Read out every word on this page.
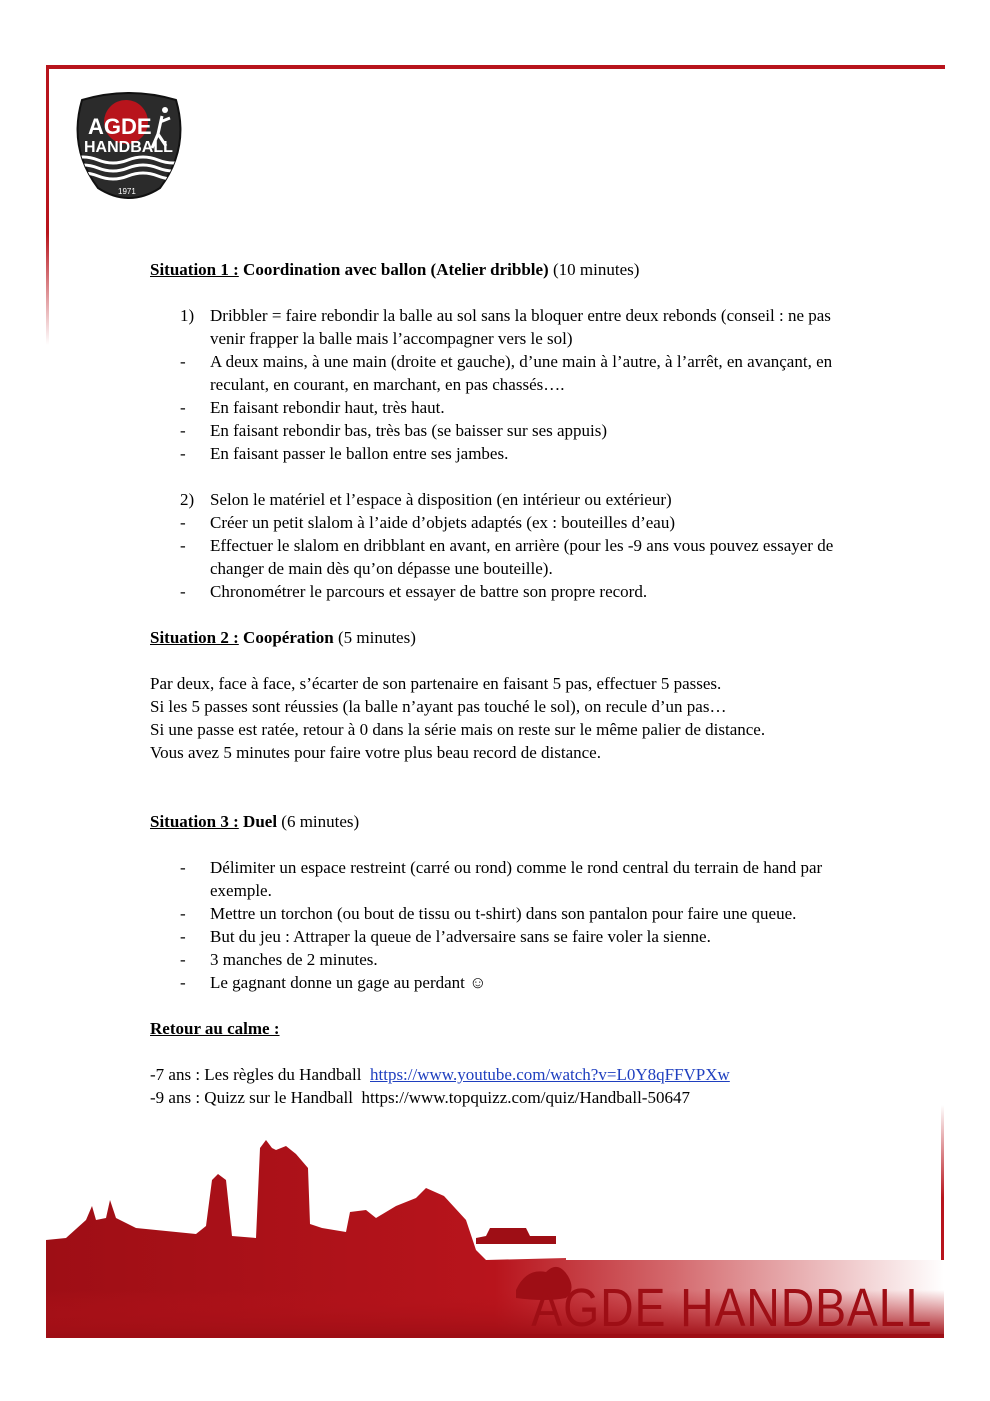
AGDE
HANDBALL
1971

Situation 1 : Coordination avec ballon (Atelier dribble) (10 minutes)

1) Dribbler = faire rebondir la balle au sol sans la bloquer entre deux rebonds (conseil : ne pas venir frapper la balle mais l’accompagner vers le sol)
- A deux mains, à une main (droite et gauche), d’une main à l’autre, à l’arrêt, en avançant, en reculant, en courant, en marchant, en pas chassés….
- En faisant rebondir haut, très haut.
- En faisant rebondir bas, très bas (se baisser sur ses appuis)
- En faisant passer le ballon entre ses jambes.
2) Selon le matériel et l’espace à disposition (en intérieur ou extérieur)
- Créer un petit slalom à l’aide d’objets adaptés (ex : bouteilles d’eau)
- Effectuer le slalom en dribblant en avant, en arrière (pour les -9 ans vous pouvez essayer de changer de main dès qu’on dépasse une bouteille).
- Chronométrer le parcours et essayer de battre son propre record.

Situation 2 : Coopération (5 minutes)

Par deux, face à face, s’écarter de son partenaire en faisant 5 pas, effectuer 5 passes.

Si les 5 passes sont réussies (la balle n’ayant pas touché le sol), on recule d’un pas…

Si une passe est ratée, retour à 0 dans la série mais on reste sur le même palier de distance.

Vous avez 5 minutes pour faire votre plus beau record de distance.

Situation 3 : Duel (6 minutes)

- Délimiter un espace restreint (carré ou rond) comme le rond central du terrain de hand par exemple.
- Mettre un torchon (ou bout de tissu ou t-shirt) dans son pantalon pour faire une queue.
- But du jeu : Attraper la queue de l’adversaire sans se faire voler la sienne.
- 3 manches de 2 minutes.
- Le gagnant donne un gage au perdant ☺

Retour au calme :

-7 ans : Les règles du Handball https://www.youtube.com/watch?v=L0Y8qFFVPXw

-9 ans : Quizz sur le Handball https://www.topquizz.com/quiz/Handball-50647

AGDE HANDBALL
